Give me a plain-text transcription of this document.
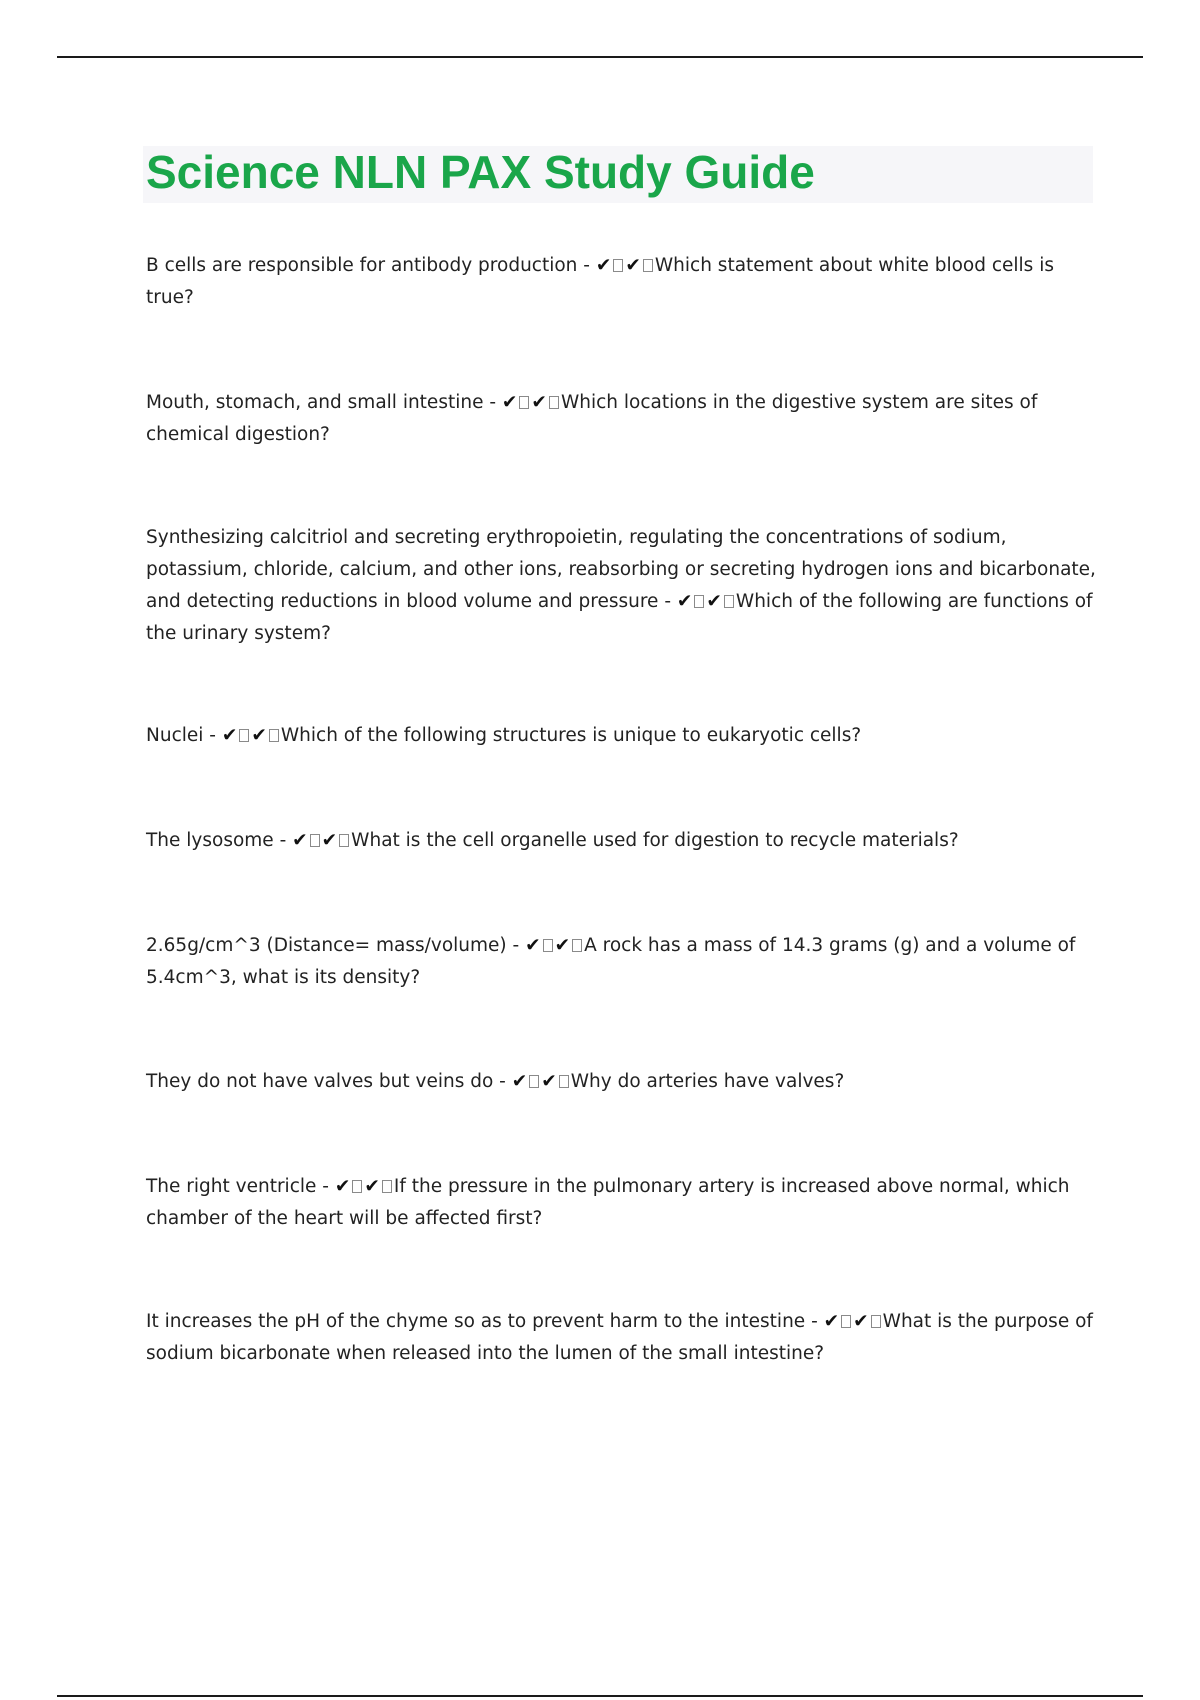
Science NLN PAX Study Guide

B cells are responsible for antibody production - ✔ ✔ Which statement about white blood cells is true?

Mouth, stomach, and small intestine - ✔ ✔ Which locations in the digestive system are sites of chemical digestion?

Synthesizing calcitriol and secreting erythropoietin, regulating the concentrations of sodium, potassium, chloride, calcium, and other ions, reabsorbing or secreting hydrogen ions and bicarbonate, and detecting reductions in blood volume and pressure - ✔ ✔ Which of the following are functions of the urinary system?

Nuclei - ✔ ✔ Which of the following structures is unique to eukaryotic cells?

The lysosome - ✔ ✔ What is the cell organelle used for digestion to recycle materials?

2.65g/cm^3 (Distance= mass/volume) - ✔ ✔ A rock has a mass of 14.3 grams (g) and a volume of 5.4cm^3, what is its density?

They do not have valves but veins do - ✔ ✔ Why do arteries have valves?

The right ventricle - ✔ ✔ If the pressure in the pulmonary artery is increased above normal, which chamber of the heart will be affected first?

It increases the pH of the chyme so as to prevent harm to the intestine - ✔ ✔ What is the purpose of sodium bicarbonate when released into the lumen of the small intestine?
